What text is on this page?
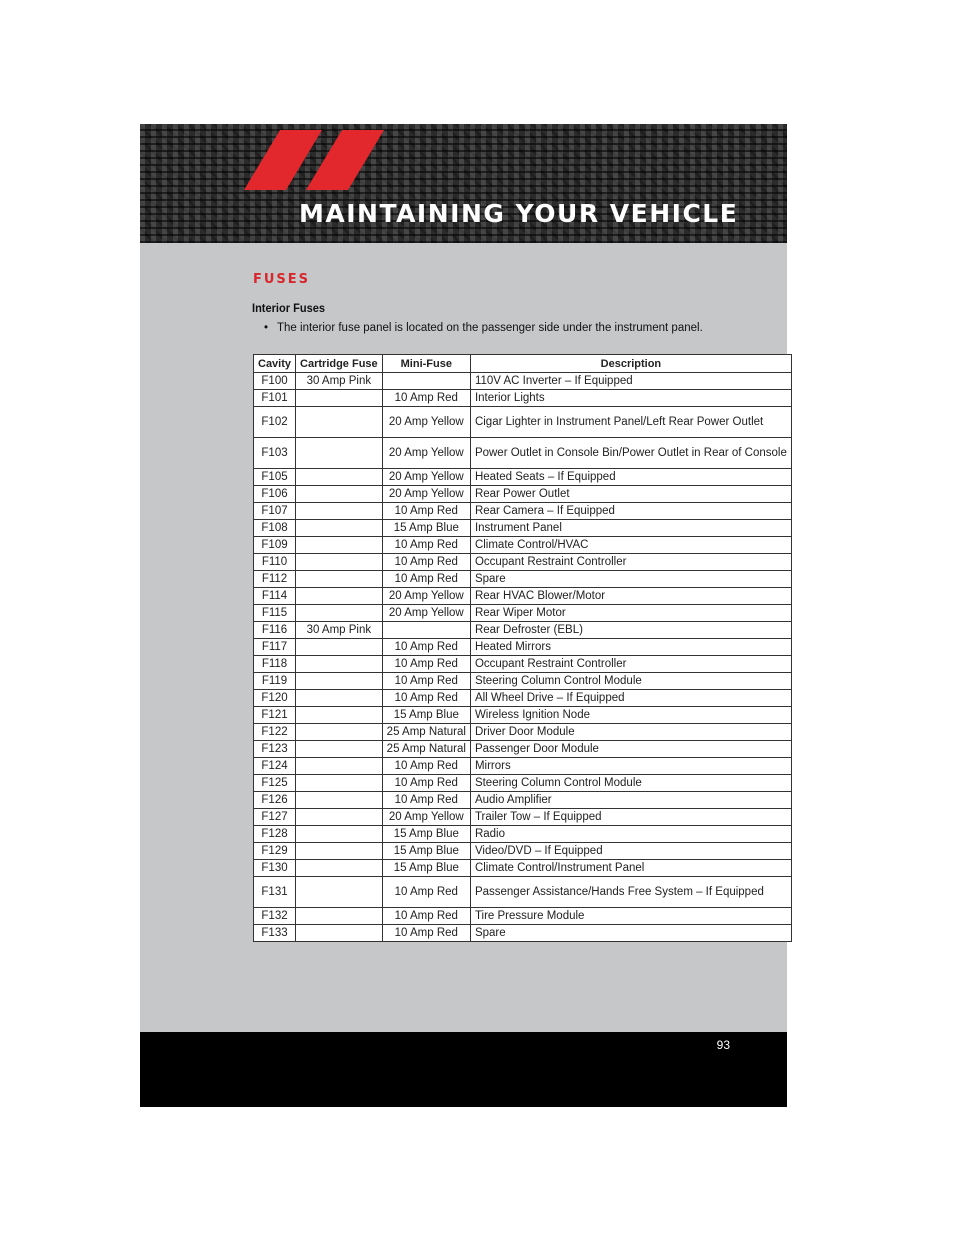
MAINTAINING YOUR VEHICLE
FUSES
Interior Fuses
• The interior fuse panel is located on the passenger side under the instrument panel.
Cavity	Cartridge Fuse	Mini-Fuse	Description
F100	30 Amp Pink		110V AC Inverter – If Equipped
F101		10 Amp Red	Interior Lights
F102		20 Amp Yellow	Cigar Lighter in Instrument Panel/Left Rear Power Outlet
F103		20 Amp Yellow	Power Outlet in Console Bin/Power Outlet in Rear of Console
F105		20 Amp Yellow	Heated Seats – If Equipped
F106		20 Amp Yellow	Rear Power Outlet
F107		10 Amp Red	Rear Camera – If Equipped
F108		15 Amp Blue	Instrument Panel
F109		10 Amp Red	Climate Control/HVAC
F110		10 Amp Red	Occupant Restraint Controller
F112		10 Amp Red	Spare
F114		20 Amp Yellow	Rear HVAC Blower/Motor
F115		20 Amp Yellow	Rear Wiper Motor
F116	30 Amp Pink		Rear Defroster (EBL)
F117		10 Amp Red	Heated Mirrors
F118		10 Amp Red	Occupant Restraint Controller
F119		10 Amp Red	Steering Column Control Module
F120		10 Amp Red	All Wheel Drive – If Equipped
F121		15 Amp Blue	Wireless Ignition Node
F122		25 Amp Natural	Driver Door Module
F123		25 Amp Natural	Passenger Door Module
F124		10 Amp Red	Mirrors
F125		10 Amp Red	Steering Column Control Module
F126		10 Amp Red	Audio Amplifier
F127		20 Amp Yellow	Trailer Tow – If Equipped
F128		15 Amp Blue	Radio
F129		15 Amp Blue	Video/DVD – If Equipped
F130		15 Amp Blue	Climate Control/Instrument Panel
F131		10 Amp Red	Passenger Assistance/Hands Free System – If Equipped
F132		10 Amp Red	Tire Pressure Module
F133		10 Amp Red	Spare
93
